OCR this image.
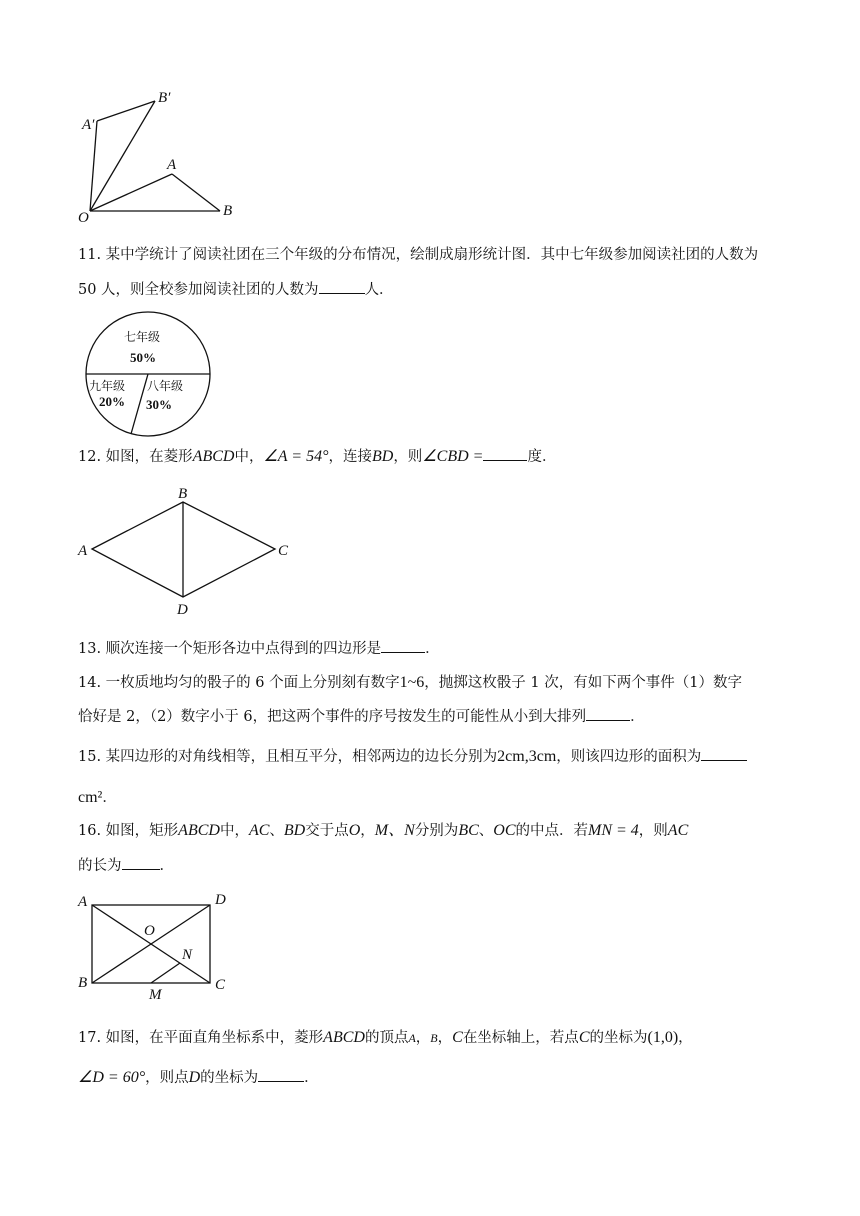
A′
B′
A
B
O
11. 某中学统计了阅读社团在三个年级的分布情况，绘制成扇形统计图．其中七年级参加阅读社团的人数为
50 人，则全校参加阅读社团的人数为	人．
七年级
50%
九年级
20%
八年级
30%
12. 如图，在菱形ABCD中，∠A = 54°，连接BD，则∠CBD =	度．
A
B
C
D
13. 顺次连接一个矩形各边中点得到的四边形是	．
14. 一枚质地均匀的骰子的 6 个面上分别刻有数字1~6，抛掷这枚骰子 1 次，有如下两个事件（1）数字
恰好是 2，（2）数字小于 6，把这两个事件的序号按发生的可能性从小到大排列	．
15. 某四边形的对角线相等，且相互平分，相邻两边的边长分别为2cm,3cm，则该四边形的面积为
cm²．
16. 如图，矩形ABCD中，AC、BD交于点O，M、N分别为BC、OC的中点．若MN = 4，则AC
的长为	．
A	D
B	C
O
N
M
17. 如图，在平面直角坐标系中，菱形ABCD的顶点A，B，C在坐标轴上，若点C的坐标为(1,0)，
∠D = 60°，则点D的坐标为	．
